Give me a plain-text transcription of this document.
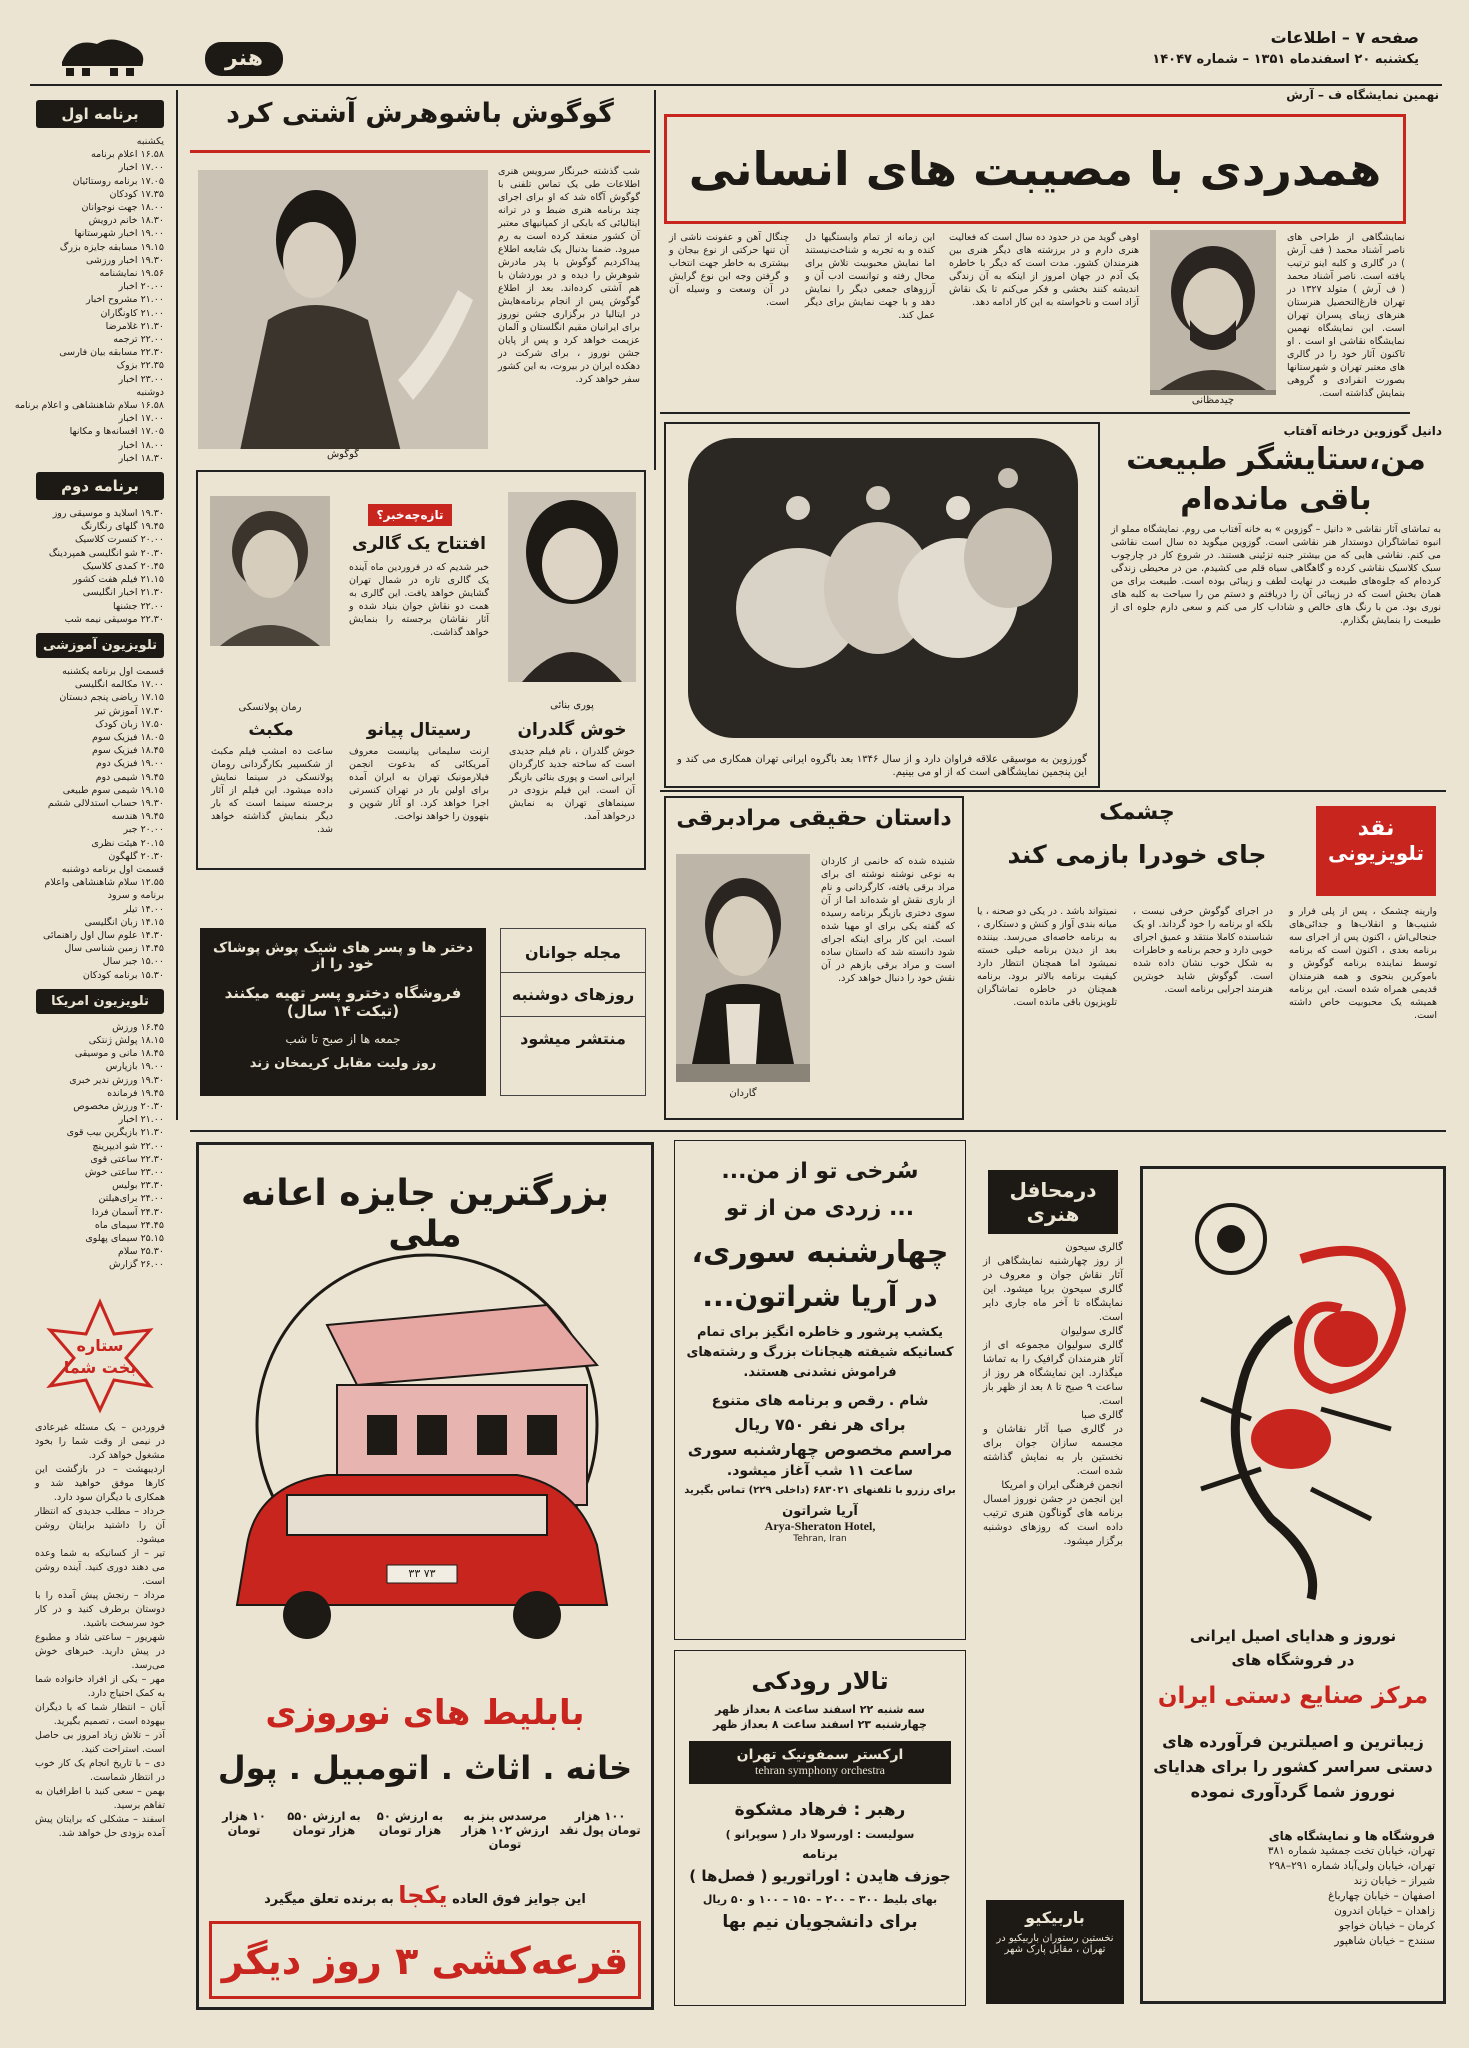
هنر
صفحه ۷ – اطلاعات
یکشنبه ۲۰ اسفندماه ۱۳۵۱ – شماره ۱۴۰۴۷
برنامه اول
یکشنبه
۱۶.۵۸ اعلام برنامه
۱۷.۰۰ اخبار
۱۷.۰۵ برنامه روستائیان
۱۷.۳۵ کودکان
۱۸.۰۰ جهت نوجوانان
۱۸.۳۰ خانم درویش
۱۹.۰۰ اخبار شهرستانها
۱۹.۱۵ مسابقه جایزه بزرگ
۱۹.۳۰ اخبار ورزشی
۱۹.۵۶ نمایشنامه
۲۰.۰۰ اخبار
۲۱.۰۰ مشروح اخبار
۲۱.۰۰ کاونگاران
۲۱.۳۰ غلامرضا
۲۲.۰۰ ترجمه
۲۲.۳۰ مسابقه بیان فارسی
۲۲.۳۵ بزوک
۲۳.۰۰ اخبار
دوشنبه
۱۶.۵۸ سلام شاهنشاهی و اعلام برنامه
۱۷.۰۰ اخبار
۱۷.۰۵ افسانه‌ها و مکانها
۱۸.۰۰ اخبار
۱۸.۳۰ اخبار
برنامه دوم
۱۹.۳۰ اسلاید و موسیقی روز
۱۹.۴۵ گلهای رنگارنگ
۲۰.۰۰ کنسرت کلاسیک
۲۰.۳۰ شو انگلیسی همپردینگ
۲۰.۴۵ کمدی کلاسیک
۲۱.۱۵ فیلم هفت کشور
۲۱.۳۰ اخبار انگلیسی
۲۲.۰۰ جشنها
۲۲.۳۰ موسیقی نیمه شب
تلویزیون آموزشی
قسمت اول برنامه یکشنبه
۱۷.۰۰ مکالمه انگلیسی
۱۷.۱۵ ریاضی پنجم دبستان
۱۷.۳۰ آموزش تیر
۱۷.۵۰ زبان کودک
۱۸.۰۵ فیزیک سوم
۱۸.۴۵ فیزیک سوم
۱۹.۰۰ فیزیک دوم
۱۹.۴۵ شیمی دوم
۱۹.۱۵ شیمی سوم طبیعی
۱۹.۳۰ حساب استدلالی ششم
۱۹.۴۵ هندسه
۲۰.۰۰ جبر
۲۰.۱۵ هیئت نظری
۲۰.۳۰ گلهگون
قسمت اول برنامه دوشنبه
۱۲.۵۵ سلام شاهنشاهی واعلام
برنامه و سرود
۱۴.۰۰ تیلر
۱۴.۱۵ زبان انگلیسی
۱۴.۳۰ علوم سال اول راهنمائی
۱۴.۴۵ زمین شناسی سال
۱۵.۰۰ جبر سال
۱۵.۳۰ برنامه کودکان
تلویزیون امریکا
۱۶.۴۵ ورزش
۱۸.۱۵ پولش ژنتکی
۱۸.۴۵ مانی و موسیقی
۱۹.۰۰ بازپارس
۱۹.۳۰ ورزش ندیر خبری
۱۹.۴۵ فرمانده
۲۰.۳۰ ورزش مخصوص
۲۱.۰۰ اخبار
۲۱.۳۰ بازیگرین بیب قوی
۲۲.۰۰ شو ادیپرینچ
۲۲.۳۰ ساعتی قوی
۲۳.۰۰ ساعتی خوش
۲۳.۳۰ بولیس
۲۴.۰۰ برای‌هیلتن
۲۴.۳۰ آسمان فردا
۲۴.۴۵ سیمای ماه
۲۵.۱۵ سیمای پهلوی
۲۵.۳۰ سلام
۲۶.۰۰ گزارش
ستاره
بخت شما
فروردین – یک مسئله غیرعادی در نیمی از وقت شما را بخود مشغول خواهد کرد.
اردیبهشت – در بازگشت این کارها موفق خواهید شد و همکاری با دیگران سود دارد.
خرداد – مطلب جدیدی که انتظار آن را داشتید برایتان روشن میشود.
تیر – از کسانیکه به شما وعده می دهند دوری کنید. آینده روشن است.
مرداد – رنجش پیش آمده را با دوستان برطرف کنید و در کار خود سرسخت باشید.
شهریور – ساعتی شاد و مطبوع در پیش دارید. خبرهای خوش می‌رسد.
مهر – یکی از افراد خانواده شما به کمک احتیاج دارد.
آبان – انتظار شما که با دیگران بیهوده است ، تصمیم بگیرید.
آذر – تلاش زیاد امروز بی حاصل است. استراحت کنید.
دی – با تاریخ انجام یک کار خوب در انتظار شماست.
بهمن – سعی کنید با اطرافیان به تفاهم برسید.
اسفند – مشکلی که برایتان پیش آمده بزودی حل خواهد شد.
گوگوش باشوهرش آشتی کرد
گوگوش
شب گذشته خبرنگار سرویس هنری اطلاعات طی یک تماس تلفنی با گوگوش آگاه شد که او برای اجرای چند برنامه هنری ضبط و در ترانه ایتالیائی که بایکی از کمپانیهای معتبر آن کشور منعقد کرده است به رم میرود. ضمنا بدنبال یک شایعه اطلاع پیداکردیم گوگوش با پدر مادرش شوهرش را دیده و در بوردشان با هم آشتی کرده‌اند. بعد از اطلاع گوگوش پس از انجام برنامه‌هایش در ایتالیا در برگزاری جشن نوروز برای ایرانیان مقیم انگلستان و آلمان عزیمت خواهد کرد و پس از پایان جشن نوروز ، برای شرکت در دهکده ایران در بیروت، به این کشور سفر خواهد کرد.
نهمین نمایشگاه ف – آرش
همدردی با مصیبت های انسانی
چنگال آهن و عفونت ناشی از آن تنها حرکتی از نوع بیجان و بیشتری به خاطر جهت انتخاب و گرفتن وجه این نوع گرایش در آن وسعت و وسیله آن است.
این زمانه از تمام وابستگیها دل کنده و به تجربه و شناخت‌نیستند اما نمایش محبوبیت تلاش برای محال رفته و توانست ادب آن و آرزوهای جمعی دیگر را نمایش دهد و با جهت نمایش برای دیگر عمل کند.
اوهی گوید من در حدود ده سال است که فعالیت هنری دارم و در برزشته های دیگر هنری بین هنرمندان کشور. مدت است که دیگر با خاطره یک آدم در جهان امروز از اینکه به آن زندگی اندیشه کنند بخشی و فکر می‌کنم تا یک نقاش آزاد است و ناخواسته به این کار ادامه دهد.
چیدمظانی
نمایشگاهی از طراحی های ناصر آشناد محمد ( فف آرش ) در گالری و کلبه اینو ترتیب یافته است. ناصر آشناد محمد ( ف آرش ) متولد ۱۳۲۷ در تهران فارغ‌التحصیل هنرستان هنرهای زیبای پسران تهران است. این نمایشگاه نهمین نمایشگاه نقاشی او است . او تاکنون آثار خود را در گالری های معتبر تهران و شهرستانها بصورت انفرادی و گروهی بنمایش گذاشته است.
گورزوین به موسیقی علاقه فراوان دارد و از سال ۱۳۴۶ بعد باگروه ایرانی تهران همکاری می کند و این پنجمین نمایشگاهی است که از او می بینیم.
دانیل گوزوین درخانه آفتاب
من،ستایشگر طبیعت
باقی مانده‌ام
به تماشای آثار نقاشی « دانیل – گوزوین » به خانه آفتاب می روم. نمایشگاه مملو از انبوه تماشاگران دوستدار هنر نقاشی است. گوزوین میگوید ده سال است نقاشی می کنم. نقاشی هایی که من بیشتر جنبه تزئینی هستند. در شروع کار در چارچوب سبک کلاسیک نقاشی کرده و گاهگاهی سیاه قلم می کشیدم. من در محیطی زندگی کرده‌ام که جلوه‌های طبیعت در نهایت لطف و زیبائی بوده است. طبیعت برای من همان بخش است که در زیبائی آن را دریافتم و دستم من را سیاحت به کلبه های نوری بود. من با رنگ های خالص و شاداب کار می کنم و سعی دارم جلوه ای از طبیعت را بنمایش بگذارم.
رمان پولانسکی
مکبث
ساعت ده امشب فیلم مکبث از شکسپیر بکارگردانی رومان پولانسکی در سینما نمایش داده میشود. این فیلم از آثار برجسته سینما است که بار دیگر بنمایش گذاشته خواهد شد.
تازه‌چه‌خبر؟
افتتاح یک گالری
خبر شدیم که در فروردین ماه آینده یک گالری تازه در شمال تهران گشایش خواهد یافت. این گالری به همت دو نقاش جوان بنیاد شده و آثار نقاشان برجسته را بنمایش خواهد گذاشت.
رسیتال پیانو
ارنت سلیمانی پیانیست معروف آمریکائی که بدعوت انجمن فیلارمونیک تهران به ایران آمده برای اولین بار در تهران کنسرتی اجرا خواهد کرد. او آثار شوپن و بتهوون را خواهد نواخت.
پوری بنائی
خوش گلدران
خوش گلدران ، نام فیلم جدیدی است که ساخته جدید کارگردان ایرانی است و پوری بنائی بازیگر آن است. این فیلم بزودی در سینماهای تهران به نمایش درخواهد آمد.
دختر ها و پسر های شیک پوش پوشاک خود را از
فروشگاه دخترو پسر تهیه میکنند (تیکت ۱۴ سال)
جمعه ها از صبح تا شب
روز ولیت مقابل کریمخان زند
مجله جوانان
روزهای دوشنبه
منتشر میشود
داستان حقیقی مرادبرقی
گاردان
شنیده شده که خانمی از کاردان به نوعی نوشته نوشته ای برای مراد برقی یافته، کارگردانی و نام از بازی نقش او شده‌اند اما از آن سوی دختری بازیگر برنامه رسیده که گفته یکی برای او مهیا شده است. این کار برای اینکه اجرای شود دانسته شد که داستان ساده است و مراد برقی بازهم در آن نقش خود را دنبال خواهد کرد.
چشمک
جای خودرا بازمی کند
نقد
تلویزیونی
نمیتواند باشد . در یکی دو صحنه ، یا میانه بندی آواز و کنش و دستکاری ، به برنامه خاصه‌ای می‌رسد. بیننده بعد از دیدن برنامه خیلی خسته نمیشود اما همچنان انتظار دارد کیفیت برنامه بالاتر برود. برنامه همچنان در خاطره تماشاگران تلویزیون باقی مانده است.
در اجرای گوگوش حرفی نیست ، بلکه او برنامه را خود گرداند. او یک شناسنده کاملا منتقد و عمیق اجرای خوبی دارد و حجم برنامه و خاطرات به شکل خوب نشان داده شده است. گوگوش شاید خوبترین هنرمند اجرایی برنامه است.
وارینه چشمک ، پس از پلی فرار و شنیب‌ها و انقلاب‌ها و جدائی‌های جنجالی‌اش ، اکنون پس از اجرای سه برنامه بعدی ، اکنون است که برنامه توسط نماینده برنامه گوگوش و باموکرین بنحوی و همه هنرمندان قدیمی همراه شده است. این برنامه همیشه یک محبوبیت خاص داشته است.
بزرگترین جایزه اعانه ملی
۷۳ ۳۳
بابلیط های نوروزی
خانه . اثاث . اتومبیل . پول
۱۰۰ هزار تومان پول نقد
مرسدس بنز به ارزش ۱۰۲ هزار تومان
به ارزش ۵۰ هزار تومان
به ارزش ۵۵۰ هزار تومان
۱۰ هزار تومان
این جوایز فوق العاده یکجا به برنده تعلق میگیرد
قرعه‌کشی ۳ روز دیگر
سُرخی تو از من...
... زردی من از تو
چهارشنبه سوری،
در آریا شراتون...
یکشب پرشور و خاطره انگیز برای تمام کسانیکه شیفته هیجانات بزرگ و رشته‌های فراموش نشدنی هستند.
شام . رقص و برنامه های متنوع
برای هر نفر ۷۵۰ ریال
مراسم مخصوص چهارشنبه سوری
ساعت ۱۱ شب آغاز میشود.
برای رزرو با تلفنهای ۶۸۳۰۲۱ (داخلی ۲۲۹) تماس بگیرید
آریا شراتون
Arya-Sheraton Hotel,
Tehran, Iran
تالار رودکی
سه شنبه ۲۲ اسفند ساعت ۸ بعداز ظهر
چهارشنبه ۲۳ اسفند ساعت ۸ بعداز ظهر
ارکستر سمفونیک تهران
tehran symphony orchestra
رهبر : فرهاد مشکوة
سولیست : اورسولا دار ( سوپرانو )
برنامه
جوزف هایدن : اوراتوریو ( فصل‌ها )
بهای بلیط ۳۰۰ – ۲۰۰ – ۱۵۰ – ۱۰۰ و ۵۰ ریال
برای دانشجویان نیم بها
درمحافل
هنری
گالری سیحون
از روز چهارشنبه نمایشگاهی از آثار نقاش جوان و معروف در گالری سیحون برپا میشود. این نمایشگاه تا آخر ماه جاری دایر است.
گالری سولیوان
گالری سولیوان مجموعه ای از آثار هنرمندان گرافیک را به تماشا میگذارد. این نمایشگاه هر روز از ساعت ۹ صبح تا ۸ بعد از ظهر باز است.
گالری صبا
در گالری صبا آثار نقاشان و مجسمه سازان جوان برای نخستین بار به نمایش گذاشته شده است.
انجمن فرهنگی ایران و امریکا
این انجمن در جشن نوروز امسال برنامه های گوناگون هنری ترتیب داده است که روزهای دوشنبه برگزار میشود.
باربیکیو
نخستین رستوران باربیکیو در تهران ، مقابل پارک شهر
نوروز و هدایای اصیل ایرانی
در فروشگاه های
مرکز صنایع دستی ایران
زیباترین و اصیلترین فرآورده های دستی سراسر کشور را برای هدایای نوروز شما گردآوری نموده
فروشگاه ها و نمایشگاه های
تهران، خیابان تخت جمشید شماره ۳۸۱
تهران، خیابان ولی‌آباد شماره ۲۹۱–۲۹۸
شیراز – خیابان زند
اصفهان – خیابان چهارباغ
زاهدان – خیابان اندرون
کرمان – خیابان خواجو
سنندج – خیابان شاهپور
